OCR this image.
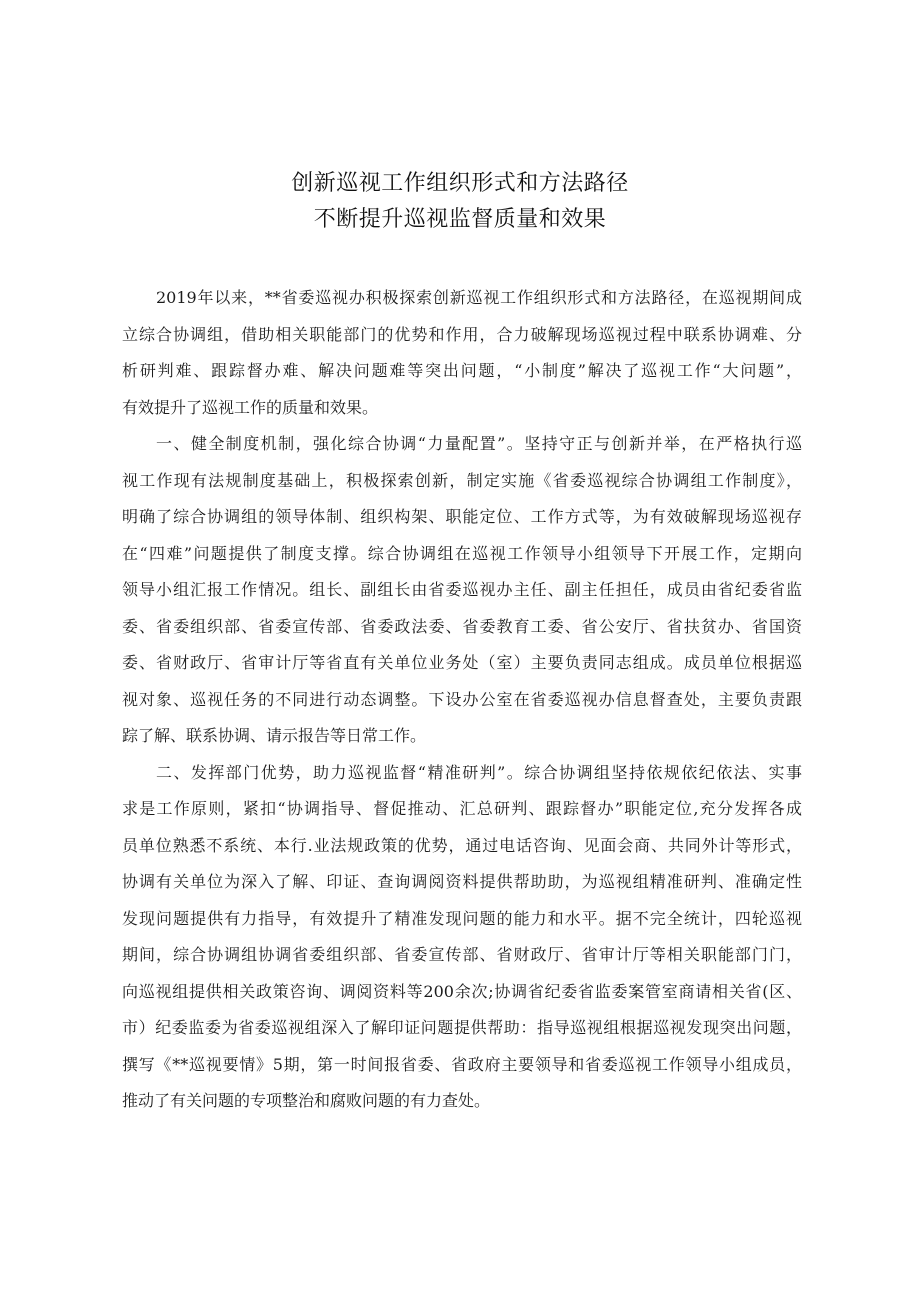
创新巡视工作组织形式和方法路径
不断提升巡视监督质量和效果
2019年以来，**省委巡视办积极探索创新巡视工作组织形式和方法路径，在巡视期间成
立综合协调组，借助相关职能部门的优势和作用，合力破解现场巡视过程中联系协调难、分
析研判难、跟踪督办难、解决问题难等突出问题，“小制度”解决了巡视工作“大问题”，
有效提升了巡视工作的质量和效果。
一、健全制度机制，强化综合协调“力量配置”。坚持守正与创新并举，在严格执行巡
视工作现有法规制度基础上，积极探索创新，制定实施《省委巡视综合协调组工作制度》，
明确了综合协调组的领导体制、组织构架、职能定位、工作方式等，为有效破解现场巡视存
在“四难”问题提供了制度支撑。综合协调组在巡视工作领导小组领导下开展工作，定期向
领导小组汇报工作情况。组长、副组长由省委巡视办主任、副主任担任，成员由省纪委省监
委、省委组织部、省委宣传部、省委政法委、省委教育工委、省公安厅、省扶贫办、省国资
委、省财政厅、省审计厅等省直有关单位业务处（室）主要负责同志组成。成员单位根据巡
视对象、巡视任务的不同进行动态调整。下设办公室在省委巡视办信息督查处，主要负责跟
踪了解、联系协调、请示报告等日常工作。
二、发挥部门优势，助力巡视监督“精准研判”。综合协调组坚持依规依纪依法、实事
求是工作原则，紧扣“协调指导、督促推动、汇总研判、跟踪督办”职能定位,充分发挥各成
员单位熟悉不系统、本行.业法规政策的优势，通过电话咨询、见面会商、共同外计等形式，
协调有关单位为深入了解、印证、查询调阅资料提供帮助助，为巡视组精准研判、准确定性
发现问题提供有力指导，有效提升了精准发现问题的能力和水平。据不完全统计，四轮巡视
期间，综合协调组协调省委组织部、省委宣传部、省财政厅、省审计厅等相关职能部门门，
向巡视组提供相关政策咨询、调阅资料等200余次;协调省纪委省监委案管室商请相关省(区、
市）纪委监委为省委巡视组深入了解印证问题提供帮助：指导巡视组根据巡视发现突出问题，
撰写《**巡视要情》5期，第一时间报省委、省政府主要领导和省委巡视工作领导小组成员，
推动了有关问题的专项整治和腐败问题的有力查处。
